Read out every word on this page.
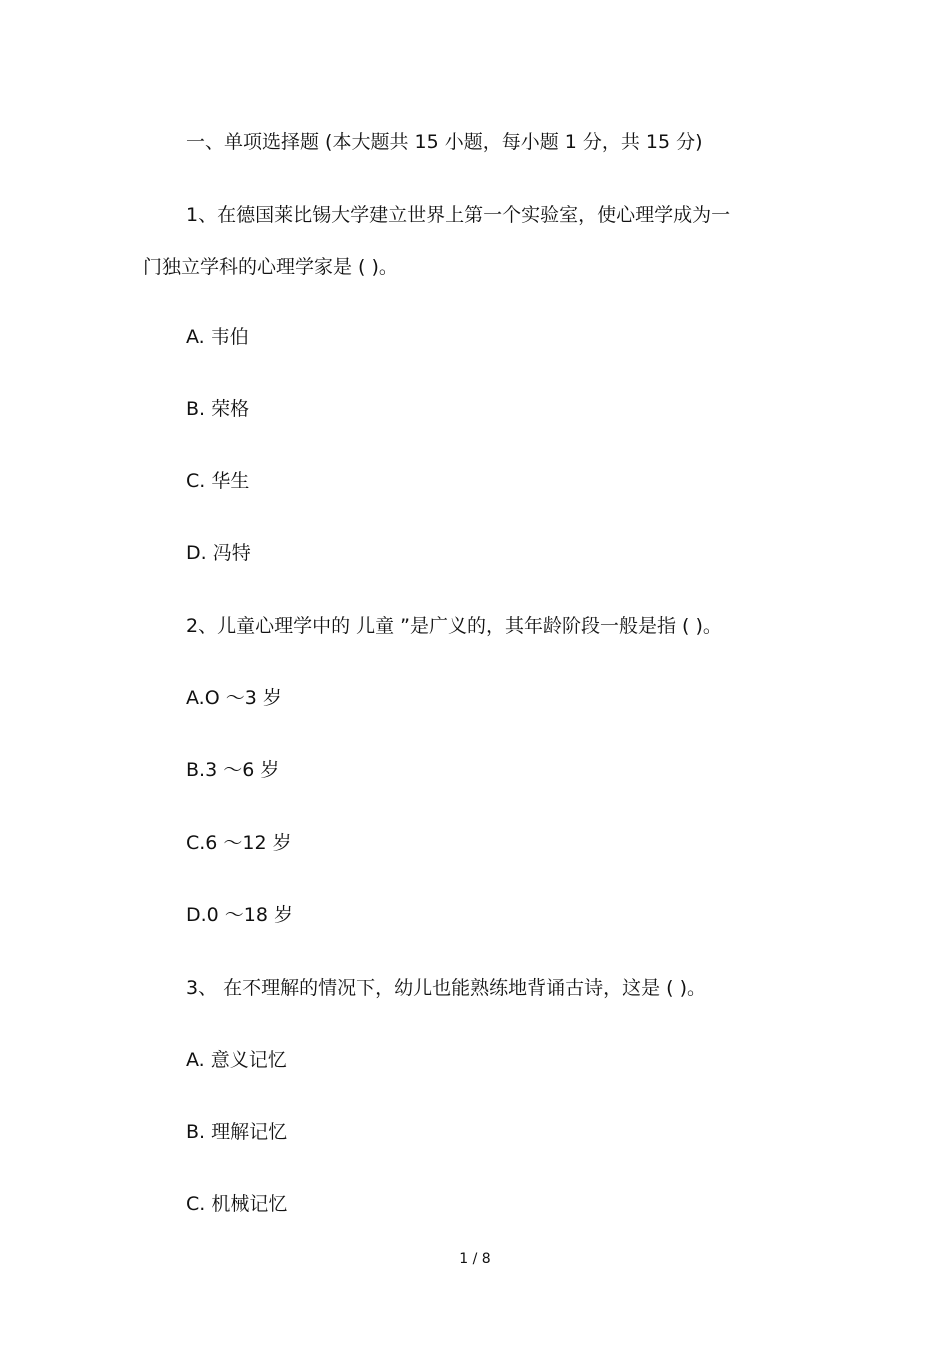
一、单项选择题 (本大题共 15 小题，每小题 1 分，共 15 分)
1、在德国莱比锡大学建立世界上第一个实验室，使心理学成为一
门独立学科的心理学家是 ( )。
A. 韦伯
B. 荣格
C. 华生
D. 冯特
2、儿童心理学中的 儿童 ”是广义的，其年龄阶段一般是指 ( )。
A.O ～3 岁
B.3 ～6 岁
C.6 ～12 岁
D.0 ～18 岁
3、 在不理解的情况下，幼儿也能熟练地背诵古诗，这是 ( )。
A. 意义记忆
B. 理解记忆
C. 机械记忆
1 / 8
